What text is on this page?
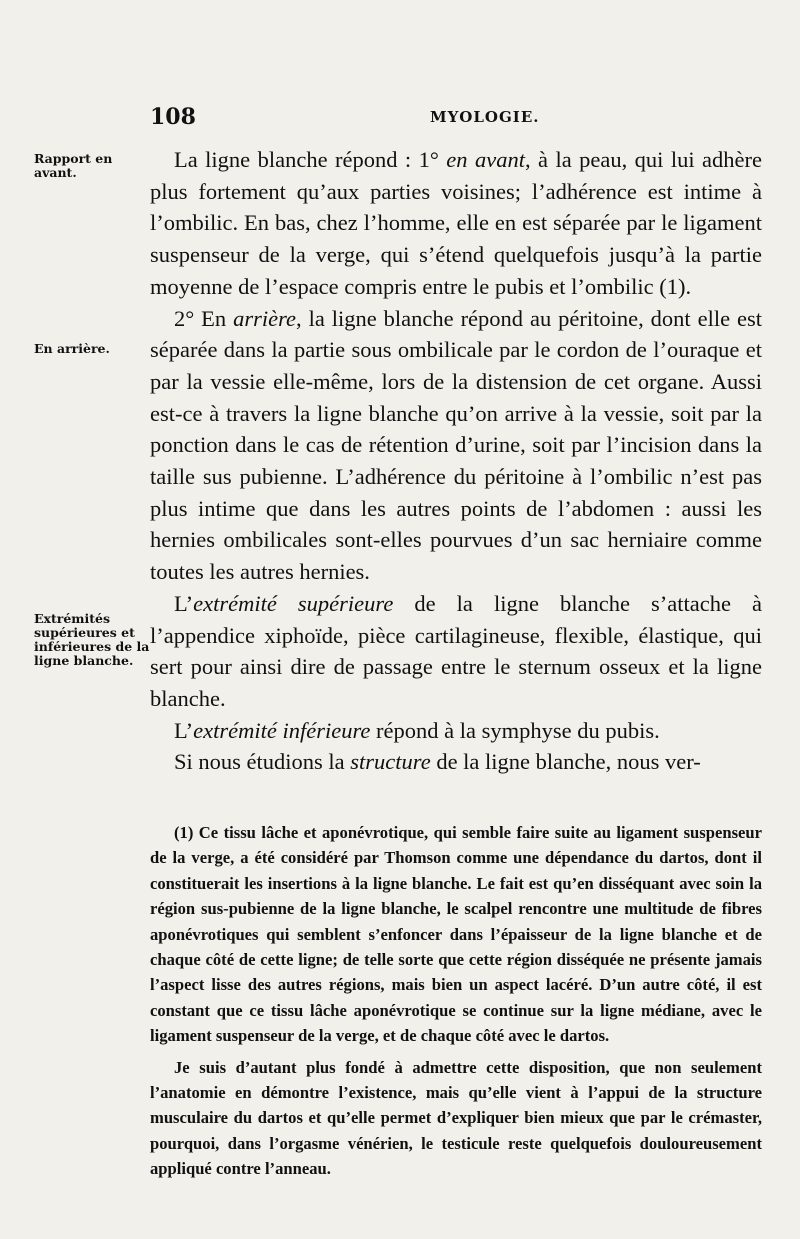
108	MYOLOGIE.
Rapport en avant.
En arrière.
Extrémités supérieures et inférieures de la ligne blanche.

La ligne blanche répond : 1° en avant, à la peau, qui lui adhère plus fortement qu’aux parties voisines; l’adhérence est intime à l’ombilic. En bas, chez l’homme, elle en est séparée par le ligament suspenseur de la verge, qui s’étend quelquefois jusqu’à la partie moyenne de l’espace compris entre le pubis et l’ombilic (1).

2° En arrière, la ligne blanche répond au péritoine, dont elle est séparée dans la partie sous ombilicale par le cordon de l’ouraque et par la vessie elle-même, lors de la distension de cet organe. Aussi est-ce à travers la ligne blanche qu’on arrive à la vessie, soit par la ponction dans le cas de rétention d’urine, soit par l’incision dans la taille sus pubienne. L’adhérence du péritoine à l’ombilic n’est pas plus intime que dans les autres points de l’abdomen : aussi les hernies ombilicales sont-elles pourvues d’un sac herniaire comme toutes les autres hernies.

L’extrémité supérieure de la ligne blanche s’attache à l’appendice xiphoïde, pièce cartilagineuse, flexible, élastique, qui sert pour ainsi dire de passage entre le sternum osseux et la ligne blanche.

L’extrémité inférieure répond à la symphyse du pubis.

Si nous étudions la structure de la ligne blanche, nous ver-

(1) Ce tissu lâche et aponévrotique, qui semble faire suite au ligament suspenseur de la verge, a été considéré par Thomson comme une dépendance du dartos, dont il constituerait les insertions à la ligne blanche. Le fait est qu’en disséquant avec soin la région sus-pubienne de la ligne blanche, le scalpel rencontre une multitude de fibres aponévrotiques qui semblent s’enfoncer dans l’épaisseur de la ligne blanche et de chaque côté de cette ligne; de telle sorte que cette région disséquée ne présente jamais l’aspect lisse des autres régions, mais bien un aspect lacéré. D’un autre côté, il est constant que ce tissu lâche aponévrotique se continue sur la ligne médiane, avec le ligament suspenseur de la verge, et de chaque côté avec le dartos.

Je suis d’autant plus fondé à admettre cette disposition, que non seulement l’anatomie en démontre l’existence, mais qu’elle vient à l’appui de la structure musculaire du dartos et qu’elle permet d’expliquer bien mieux que par le crémaster, pourquoi, dans l’orgasme vénérien, le testicule reste quelquefois douloureusement appliqué contre l’anneau.
